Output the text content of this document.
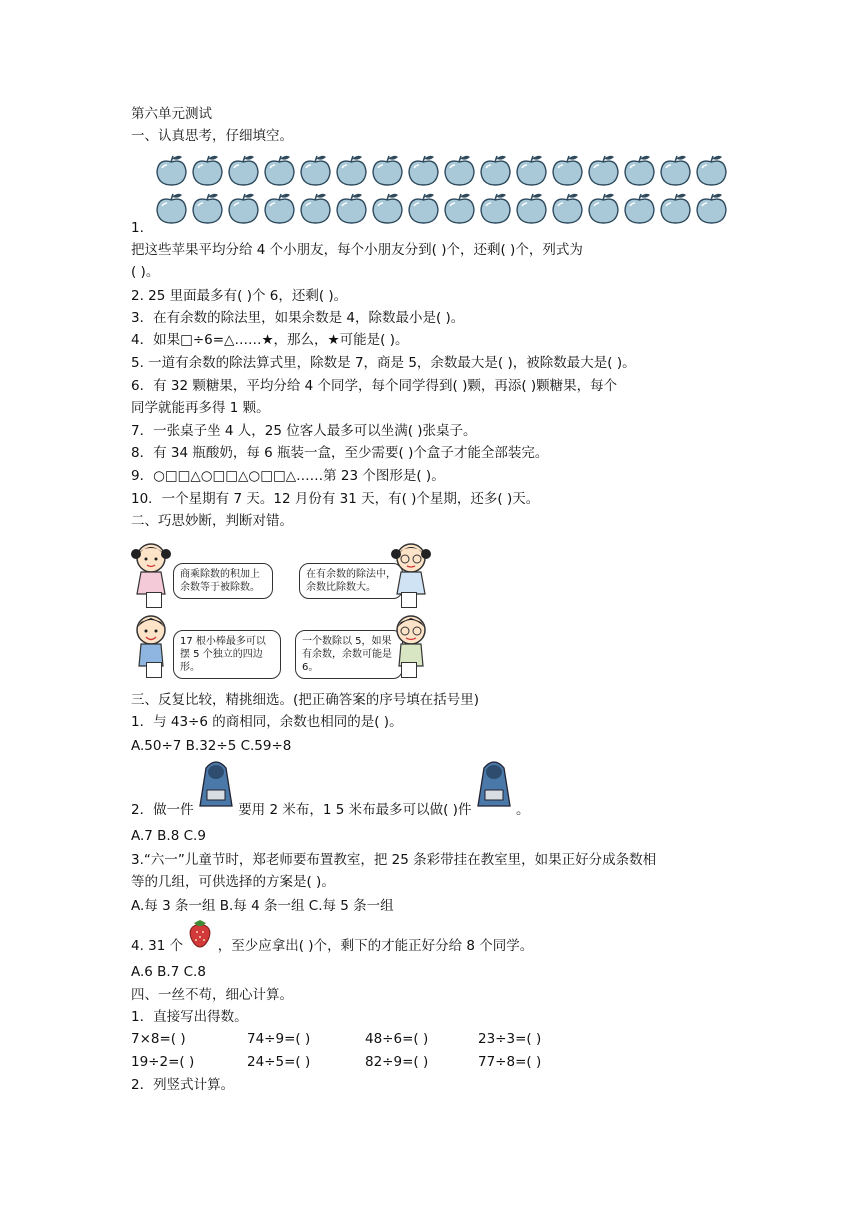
第六单元测试
一、认真思考，仔细填空。
1.
把这些苹果平均分给 4 个小朋友，每个小朋友分到( )个，还剩( )个，列式为
( )。
2. 25 里面最多有( )个 6，还剩( )。
3．在有余数的除法里，如果余数是 4，除数最小是( )。
4．如果□÷6=△……★，那么，★可能是( )。
5. 一道有余数的除法算式里，除数是 7，商是 5，余数最大是( )，被除数最大是( )。
6．有 32 颗糖果，平均分给 4 个同学，每个同学得到( )颗，再添( )颗糖果，每个
同学就能再多得 1 颗。
7．一张桌子坐 4 人，25 位客人最多可以坐满( )张桌子。
8．有 34 瓶酸奶，每 6 瓶装一盒，至少需要( )个盒子才能全部装完。
9．○□□△○□□△○□□△……第 23 个图形是( )。
10．一个星期有 7 天。12 月份有 31 天，有( )个星期，还多( )天。
二、巧思妙断，判断对错。
商乘除数的积加上余数等于被除数。
在有余数的除法中，余数比除数大。
17 根小棒最多可以摆 5 个独立的四边形。
一个数除以 5，如果有余数，余数可能是 6。
三、反复比较，精挑细选。(把正确答案的序号填在括号里)
1．与 43÷6 的商相同，余数也相同的是( )。
A.50÷7 B.32÷5 C.59÷8
2．做一件	要用 2 米布，1 5 米布最多可以做( )件	。
A.7 B.8 C.9
3.“六一”儿童节时，郑老师要布置教室，把 25 条彩带挂在教室里，如果正好分成条数相
等的几组，可供选择的方案是( )。
A.每 3 条一组 B.每 4 条一组 C.每 5 条一组
4. 31 个	，至少应拿出( )个，剩下的才能正好分给 8 个同学。
A.6 B.7 C.8
四、一丝不苟，细心计算。
1．直接写出得数。
7×8=( )	74÷9=( )	48÷6=( )	23÷3=( )
19÷2=( )	24÷5=( )	82÷9=( )	77÷8=( )
2．列竖式计算。
